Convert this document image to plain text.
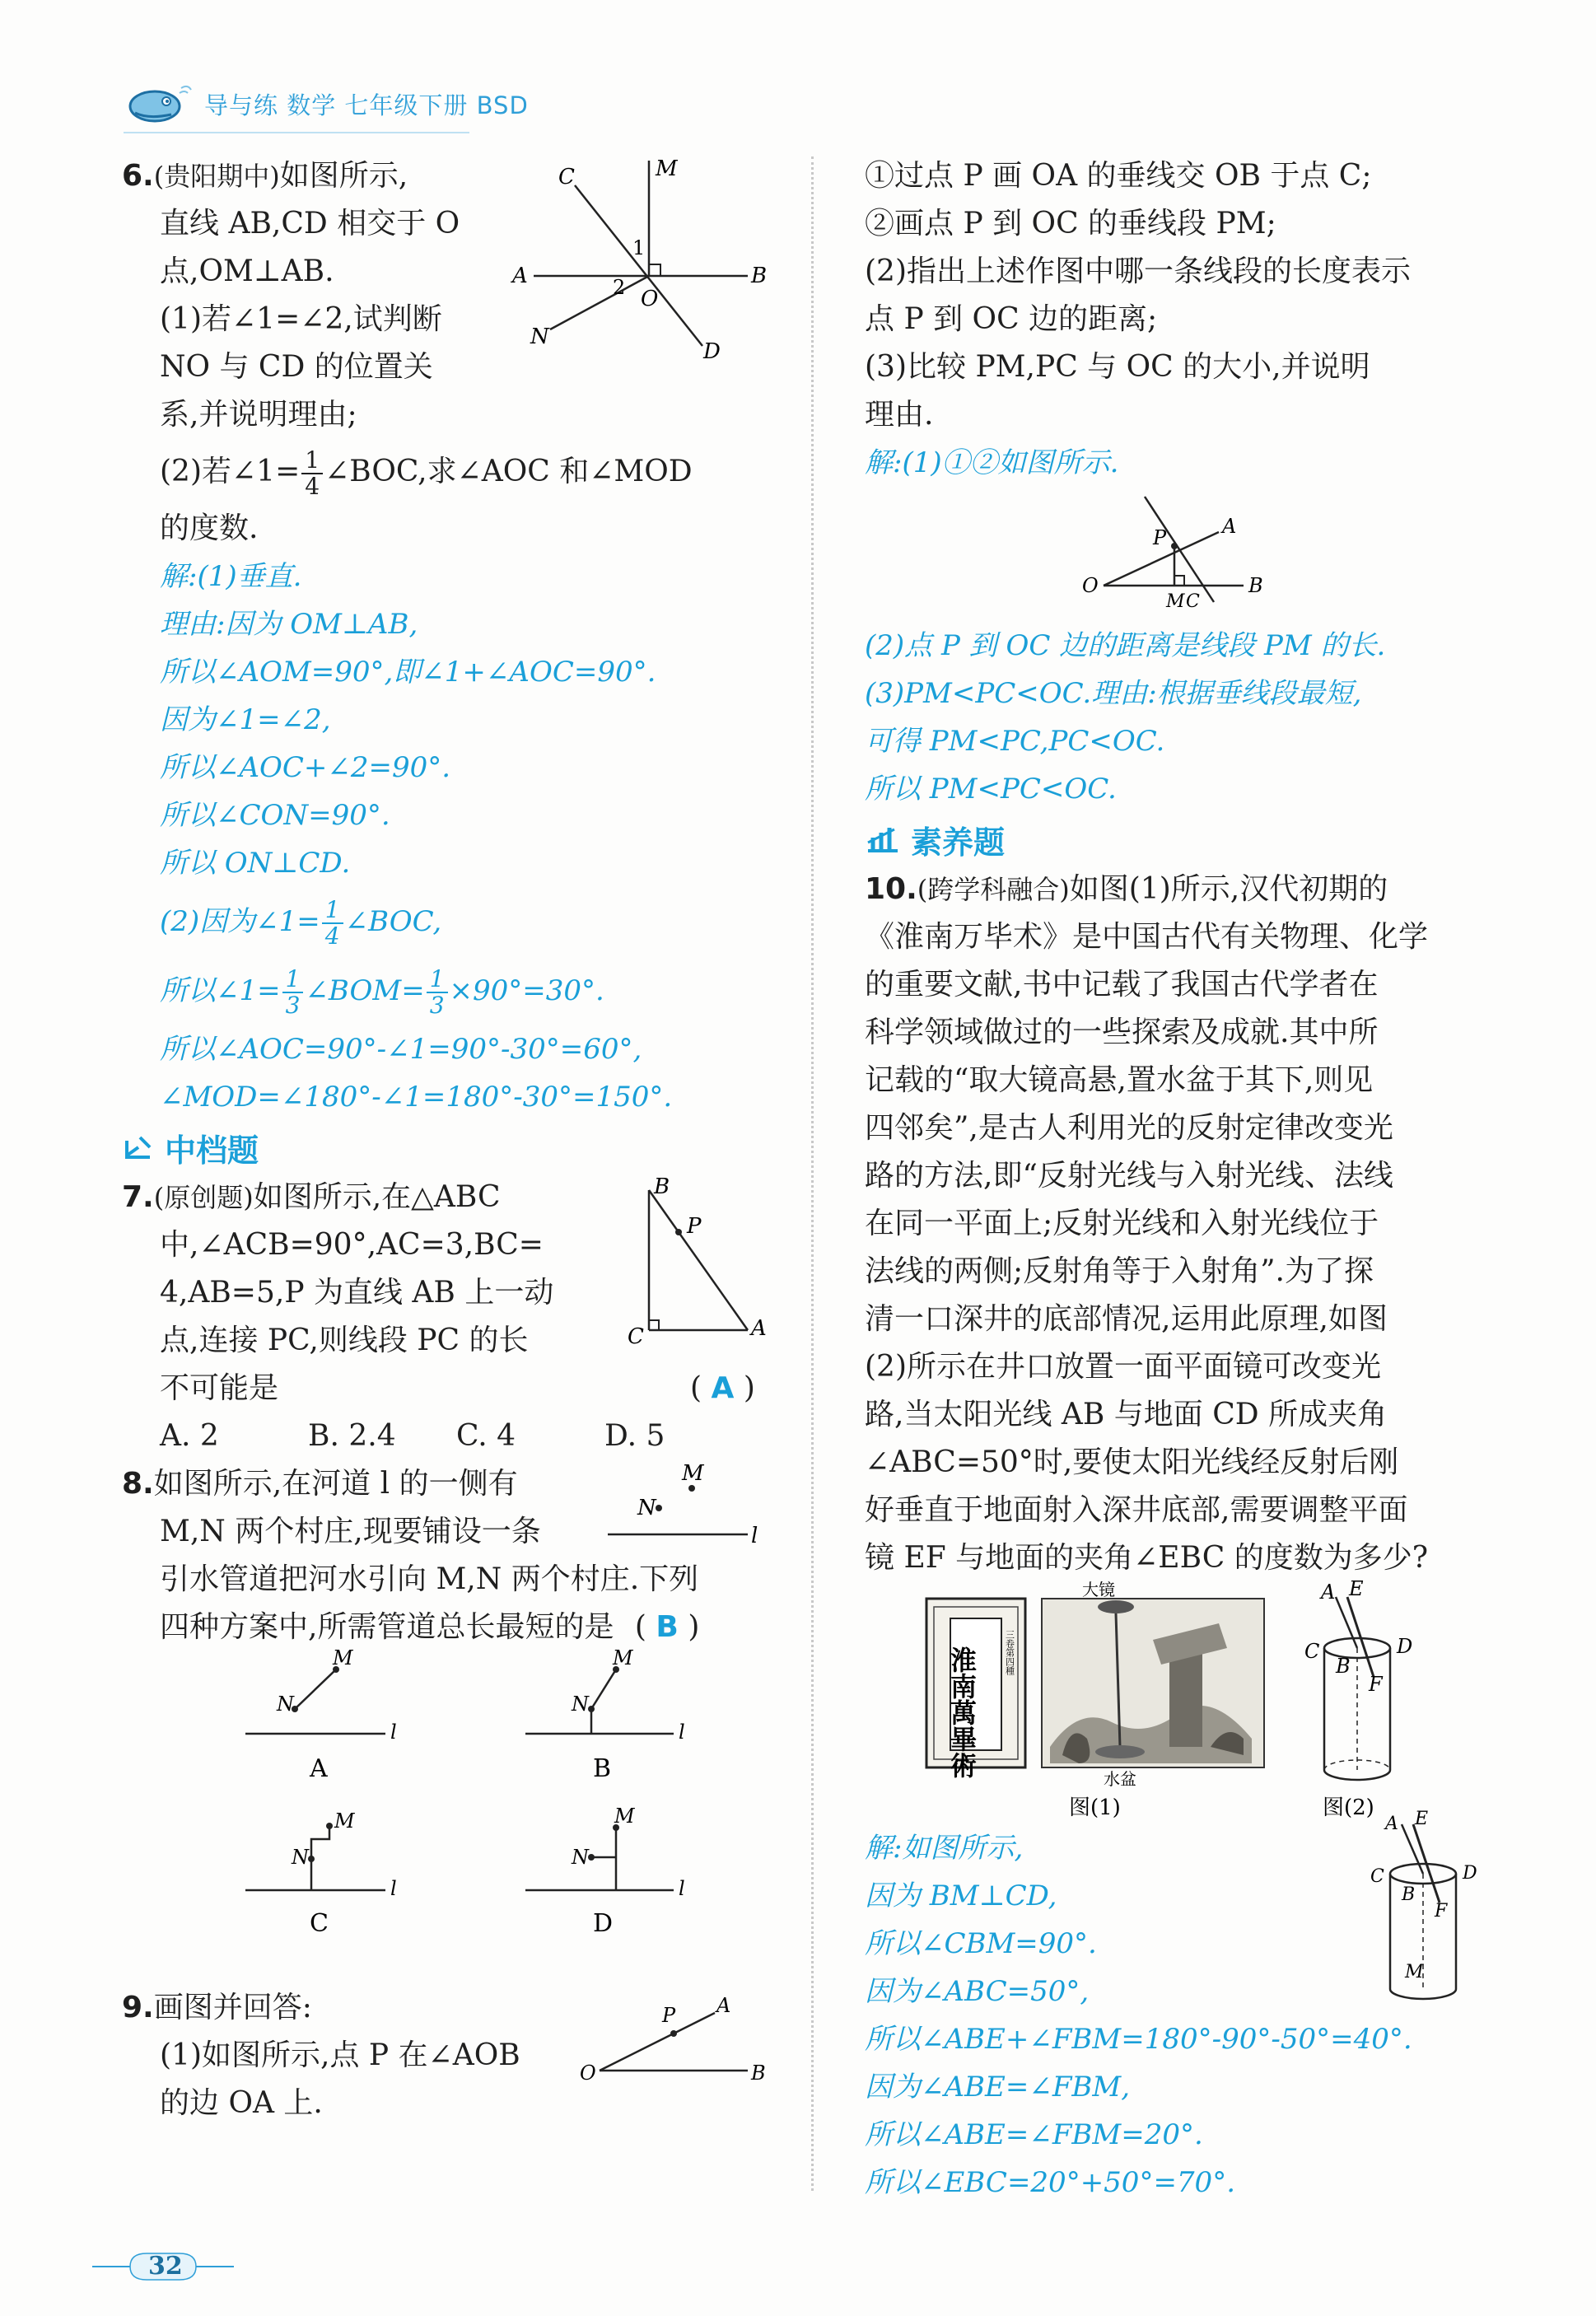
导与练 数学 七年级下册 BSD
6.(贵阳期中)如图所示,
直线 AB,CD 相交于 O
点,OM⊥AB.
(1)若∠1=∠2,试判断
NO 与 CD 的位置关
系,并说明理由;
(2)若∠1= $\frac{1}{4}$ ∠BOC,求∠AOC 和∠MOD
的度数.
C	M
A	B
N
O
D
1
2
解:(1)垂直.
理由:因为 OM⊥AB,
所以∠AOM=90°,即∠1+∠AOC=90°.
因为∠1=∠2,
所以∠AOC+∠2=90°.
所以∠CON=90°.
所以 ON⊥CD.
(2)因为∠1= $\frac{1}{4}$ ∠BOC,
所以∠1= $\frac{1}{3}$ ∠BOM= $\frac{1}{3} \times 90^\circ=30^\circ$.
所以∠AOC=90°-∠1=90°-30°=60°,
∠MOD=∠180°-∠1=180°-30°=150°.
中档题
7.(原创题)如图所示,在△ABC
中,∠ACB=90°,AC=3,BC=
4,AB=5,P 为直线 AB 上一动
点,连接 PC,则线段 PC 的长
不可能是	( A )
A. 2	B. 2.4	C. 4	D. 5
B
P
C	A
8.如图所示,在河道 l 的一侧有
M,N 两个村庄,现要铺设一条
引水管道把河水引向 M,N 两个村庄.下列
四种方案中,所需管道总长最短的是 ( B )
M
N
l
N
M
l
A
N
M
l
B
N
M
l
C
N
M
l
D
9.画图并回答:
(1)如图所示,点 P 在∠AOB
的边 OA 上.
P A
O	B
①过点 P 画 OA 的垂线交 OB 于点 C;
②画点 P 到 OC 的垂线段 PM;
(2)指出上述作图中哪一条线段的长度表示
点 P 到 OC 边的距离;
(3)比较 PM,PC 与 OC 的大小,并说明
理由.
解:(1)①②如图所示.
A
P
O
M C
B
(2)点 P 到 OC 边的距离是线段 PM 的长.
(3)PM<PC<OC.理由:根据垂线段最短,
可得 PM<PC,PC<OC.
所以 PM<PC<OC.
素养题
10.(跨学科融合)如图(1)所示,汉代初期的
《淮南万毕术》是中国古代有关物理、化学
的重要文献,书中记载了我国古代学者在
科学领域做过的一些探索及成就.其中所
记载的“取大镜高悬,置水盆于其下,则见
四邻矣”,是古人利用光的反射定律改变光
路的方法,即“反射光线与入射光线、法线
在同一平面上;反射光线和入射光线位于
法线的两侧;反射角等于入射角”.为了探
清一口深井的底部情况,运用此原理,如图
(2)所示在井口放置一面平面镜可改变光
路,当太阳光线 AB 与地面 CD 所成夹角
∠ABC=50°时,要使太阳光线经反射后刚
好垂直于地面射入深井底部,需要调整平面
镜 EF 与地面的夹角∠EBC 的度数为多少?
三卷第四種
淮南萬畢術
大镜
水盆
图(1)
A E
C	D
B
F
图(2)
解:如图所示,
因为 BM⊥CD,
所以∠CBM=90°.
因为∠ABC=50°,
所以∠ABE+∠FBM=180°-90°-50°=40°.
因为∠ABE=∠FBM,
所以∠ABE=∠FBM=20°.
所以∠EBC=20°+50°=70°.
A E
C	D
B
F
M
32
